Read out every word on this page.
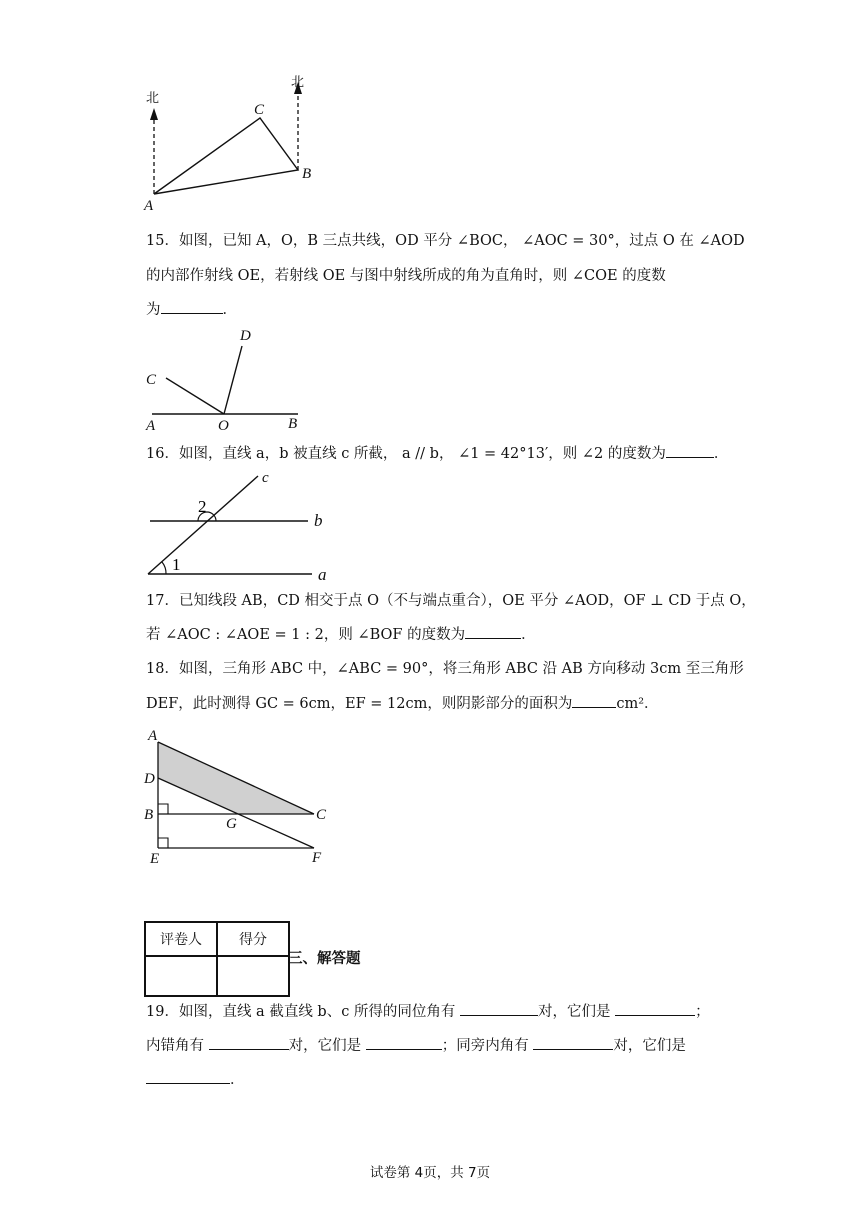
北
北
A
C
B
15．如图，已知 A，O，B 三点共线，OD 平分 ∠BOC， ∠AOC = 30°，过点 O 在 ∠AOD
的内部作射线 OE，若射线 OE 与图中射线所成的角为直角时，则 ∠COE 的度数
为	．
D
C
A	O	B
16．如图，直线 a，b 被直线 c 所截， a // b， ∠1 = 42°13′，则 ∠2 的度数为	．
c
b
a
2
1
17．已知线段 AB，CD 相交于点 O（不与端点重合），OE 平分 ∠AOD，OF ⊥ CD 于点 O，
若 ∠AOC : ∠AOE = 1 : 2，则 ∠BOF 的度数为	．
18．如图，三角形 ABC 中，∠ABC = 90°，将三角形 ABC 沿 AB 方向移动 3cm 至三角形
DEF，此时测得 GC = 6cm，EF = 12cm，则阴影部分的面积为	cm²．
A
D
B
E
G
C
F
评卷人	得分

三、解答题
19．如图，直线 a 截直线 b、c 所得的同位角有	对，它们是	；
内错角有	对，它们是	；同旁内角有	对，它们是
．
试卷第 4页，共 7页
